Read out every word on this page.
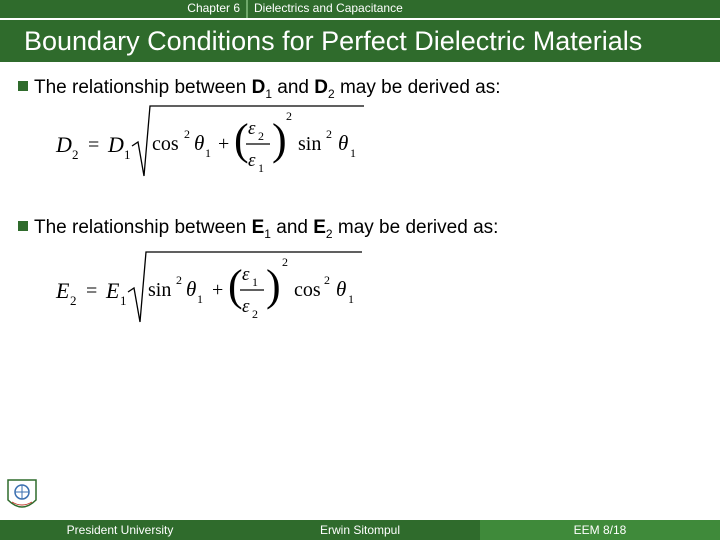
Chapter 6	Dielectrics and Capacitance
Boundary Conditions for Perfect Dielectric Materials
The relationship between $D_1$ and $D_2$ may be derived as:
D 2 = D 1 cos 2 θ 1 + ( ε 2
ε 1
) 2
sin 2 θ 1
The relationship between $E_1$ and $E_2$ may be derived as:
E 2 = E 1 sin 2 θ 1 + ( ε 1
ε 2
) 2
cos 2 θ 1
President University	Erwin Sitompul	EEM 8/18
